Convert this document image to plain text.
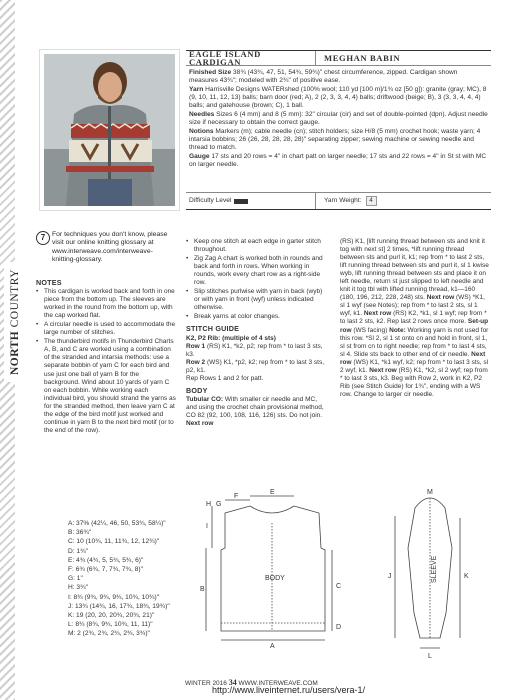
NORTH COUNTRY
EAGLE ISLAND CARDIGAN	MEGHAN BABIN

Finished Size 38¾ (43¾, 47, 51, 54¾, 59¾)" chest circumference, zipped. Cardigan shown measures 43¾"; modeled with 2¾" of positive ease.

Yarn Harrisville Designs WATERshed (100% wool; 110 yd [100 m]/1¾ oz [50 g]): granite (gray; MC), 8 (9, 10, 11, 12, 13) balls; barn door (red; A), 2 (2, 3, 3, 4, 4) balls; driftwood (beige; B), 3 (3, 3, 4, 4, 4) balls; and gatehouse (brown; C), 1 ball.

Needles Sizes 6 (4 mm) and 8 (5 mm): 32" circular (cir) and set of double-pointed (dpn). Adjust needle size if necessary to obtain the correct gauge.

Notions Markers (m); cable needle (cn); stitch holders; size H/8 (5 mm) crochet hook; waste yarn; 4 intarsia bobbins; 26 (26, 28, 28, 28, 28)" separating zipper; sewing machine or sewing needle and thread to match.

Gauge 17 sts and 20 rows = 4" in chart patt on larger needle; 17 sts and 22 rows = 4" in St st with MC on larger needle.

Difficulty Level	Yarn Weight:	4
7 For techniques you don't know, please visit our online knitting glossary at www.interweave.com/interweave-knitting-glossary.
NOTES
• This cardigan is worked back and forth in one piece from the bottom up. The sleeves are worked in the round from the bottom up, with the cap worked flat.
• A circular needle is used to accommodate the large number of stitches.
• The thunderbird motifs in Thunderbird Charts A, B, and C are worked using a combination of the stranded and intarsia methods: use a separate bobbin of yarn C for each bird and use just one ball of yarn B for the background. Wind about 10 yards of yarn C on each bobbin. While working each individual bird, you should strand the yarns as for the stranded method, then leave yarn C at the edge of the bird motif just worked and continue in yarn B to the next bird motif (or to the end of the row).
• Keep one stitch at each edge in garter stitch throughout.
• Zig Zag A chart is worked both in rounds and back and forth in rows. When working in rounds, work every chart row as a right-side row.
• Slip stitches purlwise with yarn in back (wyb) or with yarn in front (wyf) unless indicated otherwise.
• Break yarns at color changes.
STITCH GUIDE

K2, P2 Rib: (multiple of 4 sts)

Row 1 (RS) K1, *k2, p2; rep from * to last 3 sts, k3.

Row 2 (WS) K1, *p2, k2; rep from * to last 3 sts, p2, k1.

Rep Rows 1 and 2 for patt.

BODY

Tubular CO: With smaller cir needle and MC, and using the crochet chain provisional method, CO 82 (92, 100, 108, 116, 126) sts. Do not join. Next row

(RS) K1, [lift running thread between sts and knit it tog with next st] 2 times, *lift running thread between sts and purl it, k1; rep from * to last 2 sts, lift running thread between sts and purl it, sl 1 kwise wyb, lift running thread between sts and place it on left needle, return st just slipped to left needle and knit it tog tbl with lifted running thread, k1—160 (180, 196, 212, 228, 248) sts. Next row (WS) *K1, sl 1 wyf (see Notes); rep from * to last 2 sts, sl 1 wyf, k1. Next row (RS) K2, *k1, sl 1 wyf; rep from * to last 2 sts, k2. Rep last 2 rows once more. Set-up row (WS facing) Note: Working yarn is not used for this row. *Sl 2, sl 1 st onto cn and hold in front, sl 1, sl st from cn to right needle; rep from * to last 4 sts, sl 4. Slide sts back to other end of cir needle. Next row (WS) K1, *k1 wyf, k2; rep from * to last 3 sts, sl 2 wyf, k1. Next row (RS) K1, *k2, sl 2 wyf; rep from * to last 3 sts, k3. Beg with Row 2, work in K2, P2 Rib (see Stitch Guide) for 1¾", ending with a WS row. Change to larger cir needle.

A: 37% (42¼, 46, 50, 53¾, 58¼)"
B: 36¾"
C: 10 (10¾, 11, 11¾, 12, 12¾)"
D: 1¾"
E: 4¾ (4¾, 5, 5¾, 5¾, 6)"
F: 6¾ (6¾, 7, 7¾, 7¾, 8)"
G: 1"
H: 3¾"
I: 8¾ (9¾, 9¾, 9¾, 10¾, 10¾)"
J: 13¾ (14¾, 16, 17¾, 18¾, 19¾)"
K: 19 (20, 20, 20¾, 20¾, 21)"
L: 8¾ (8¾, 9¾, 10¾, 11, 11)"
M: 2 (2¾, 2¾, 2¾, 2¾, 3¾)"
BODY	SLEEVE
A
B	C
D
E
F
G
H
I
J	K
L
M
WINTER 2016 34 WWW.INTERWEAVE.COM
http://www.liveinternet.ru/users/vera-1/
